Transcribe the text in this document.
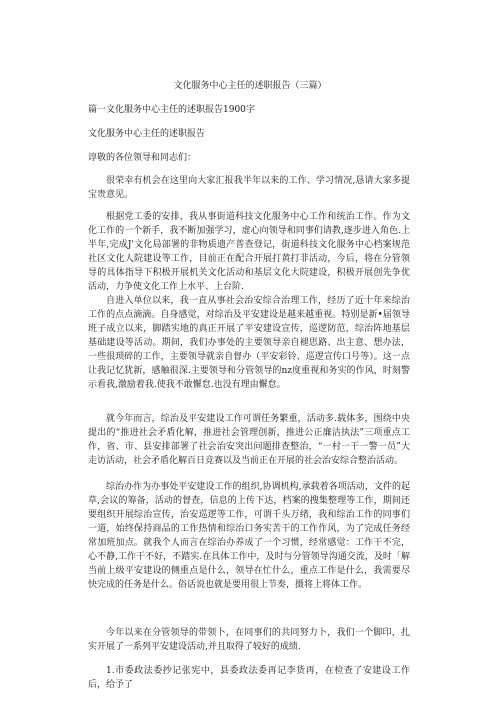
文化服务中心主任的述职报告（三篇）

篇一文化服务中心主任的述职报告1900字

文化服务中心主任的述职报告

谆敬的各位领导和同志们：

很荣幸有机会在这里向大家汇报我半年以来的工作、学习情况,恳请大家多提宝贵意见。

根据党工委的安排，我从事街道科技文化服务中心工作和统治工作。作为文化工作的一个新手，我不断加强学习，虚心向领导和同事们请教,逐步进入角色.上半年,完成J'文化局部署的非物质遗产普查登记，街道科技文化服务中心档案规范社区文化人院建设等工作，目前正在配合开展打黄打非活动，今后，将在分管领导的具体指导下积极开展机关文化活动和基层文化大院建设，积极开展创先争优活动，力争使文化工作上水平、上台阶.

自进入单位以来，我一直从事社会治安综合治理工作，经历了近十年来综治工作的点点滴滴。自身感觉，对综治及平安建设是越来越重视。特别是新•届领导班子成立以来，脚踏实地的真正开展了平安建设宣传，巡逻防范，综治阵地基层基础建设等活动。期间，我们办事处的主要领导亲自褪思路、出主意、想办法，一些很琐碎的工作，主要领导就亲自督办（平安彩铃、巡逻宣传口号等）。这一点让我记忆犹新，感触很深.主要领导和分管领导的nz度重视和务实的作风，时刻警示看我,激励着我.使我不敢懈怠.也没有理由懈怠。

就今年而言，综治及平安建设工作可谓任务繁重，活动多.载体多，围绕中央提出的“推进社会矛盾化解，推进社会管理创新，推进公正廉洁执法”三项重点工作，省、市、县安排部署了社会治安突出问题排查整治，“一村一干一警一员”大走访活动，社会矛盾化解百日竞赛以及当前正在开展的社会治安综合整治活动。

综治办作为办事处平安建设工作的组织,协调机构,承载着各项活动，文件的起草,会议的筹备，活动的督查，信息的上传下达，档案的搜集整理等工作，期间还要组织开展综治宣传，治安巡逻等工作，可谓千头万绪，我和综治工作的同事们一道，始终保持商品的工作热情和综治口务实苦干的工作作风，为了完成任务经常加班加点。就我个人而言在综治办养成了一个习惯，经常感觉：工作干不完，心不静,工作干不好，不踏实.在具体工作中，及时与分管领导沟通交流，及时「解当前上级平安建设的侧重点是什么，领导在忙什么，重点工作是什么，我需要尽快完成的任务是什么。俗话说也就是要用很上节奏，摄将上将体工作。

今年以来在分管领导的带领卜，在同事们的共同努力卜，我们一个脚印，扎实开展了一系列平安建设活动,并且取得了较好的成绩.

1.市委政法委抄记张宪中，县委政法委再记李货再，在检查了安建设工作后，给予了
